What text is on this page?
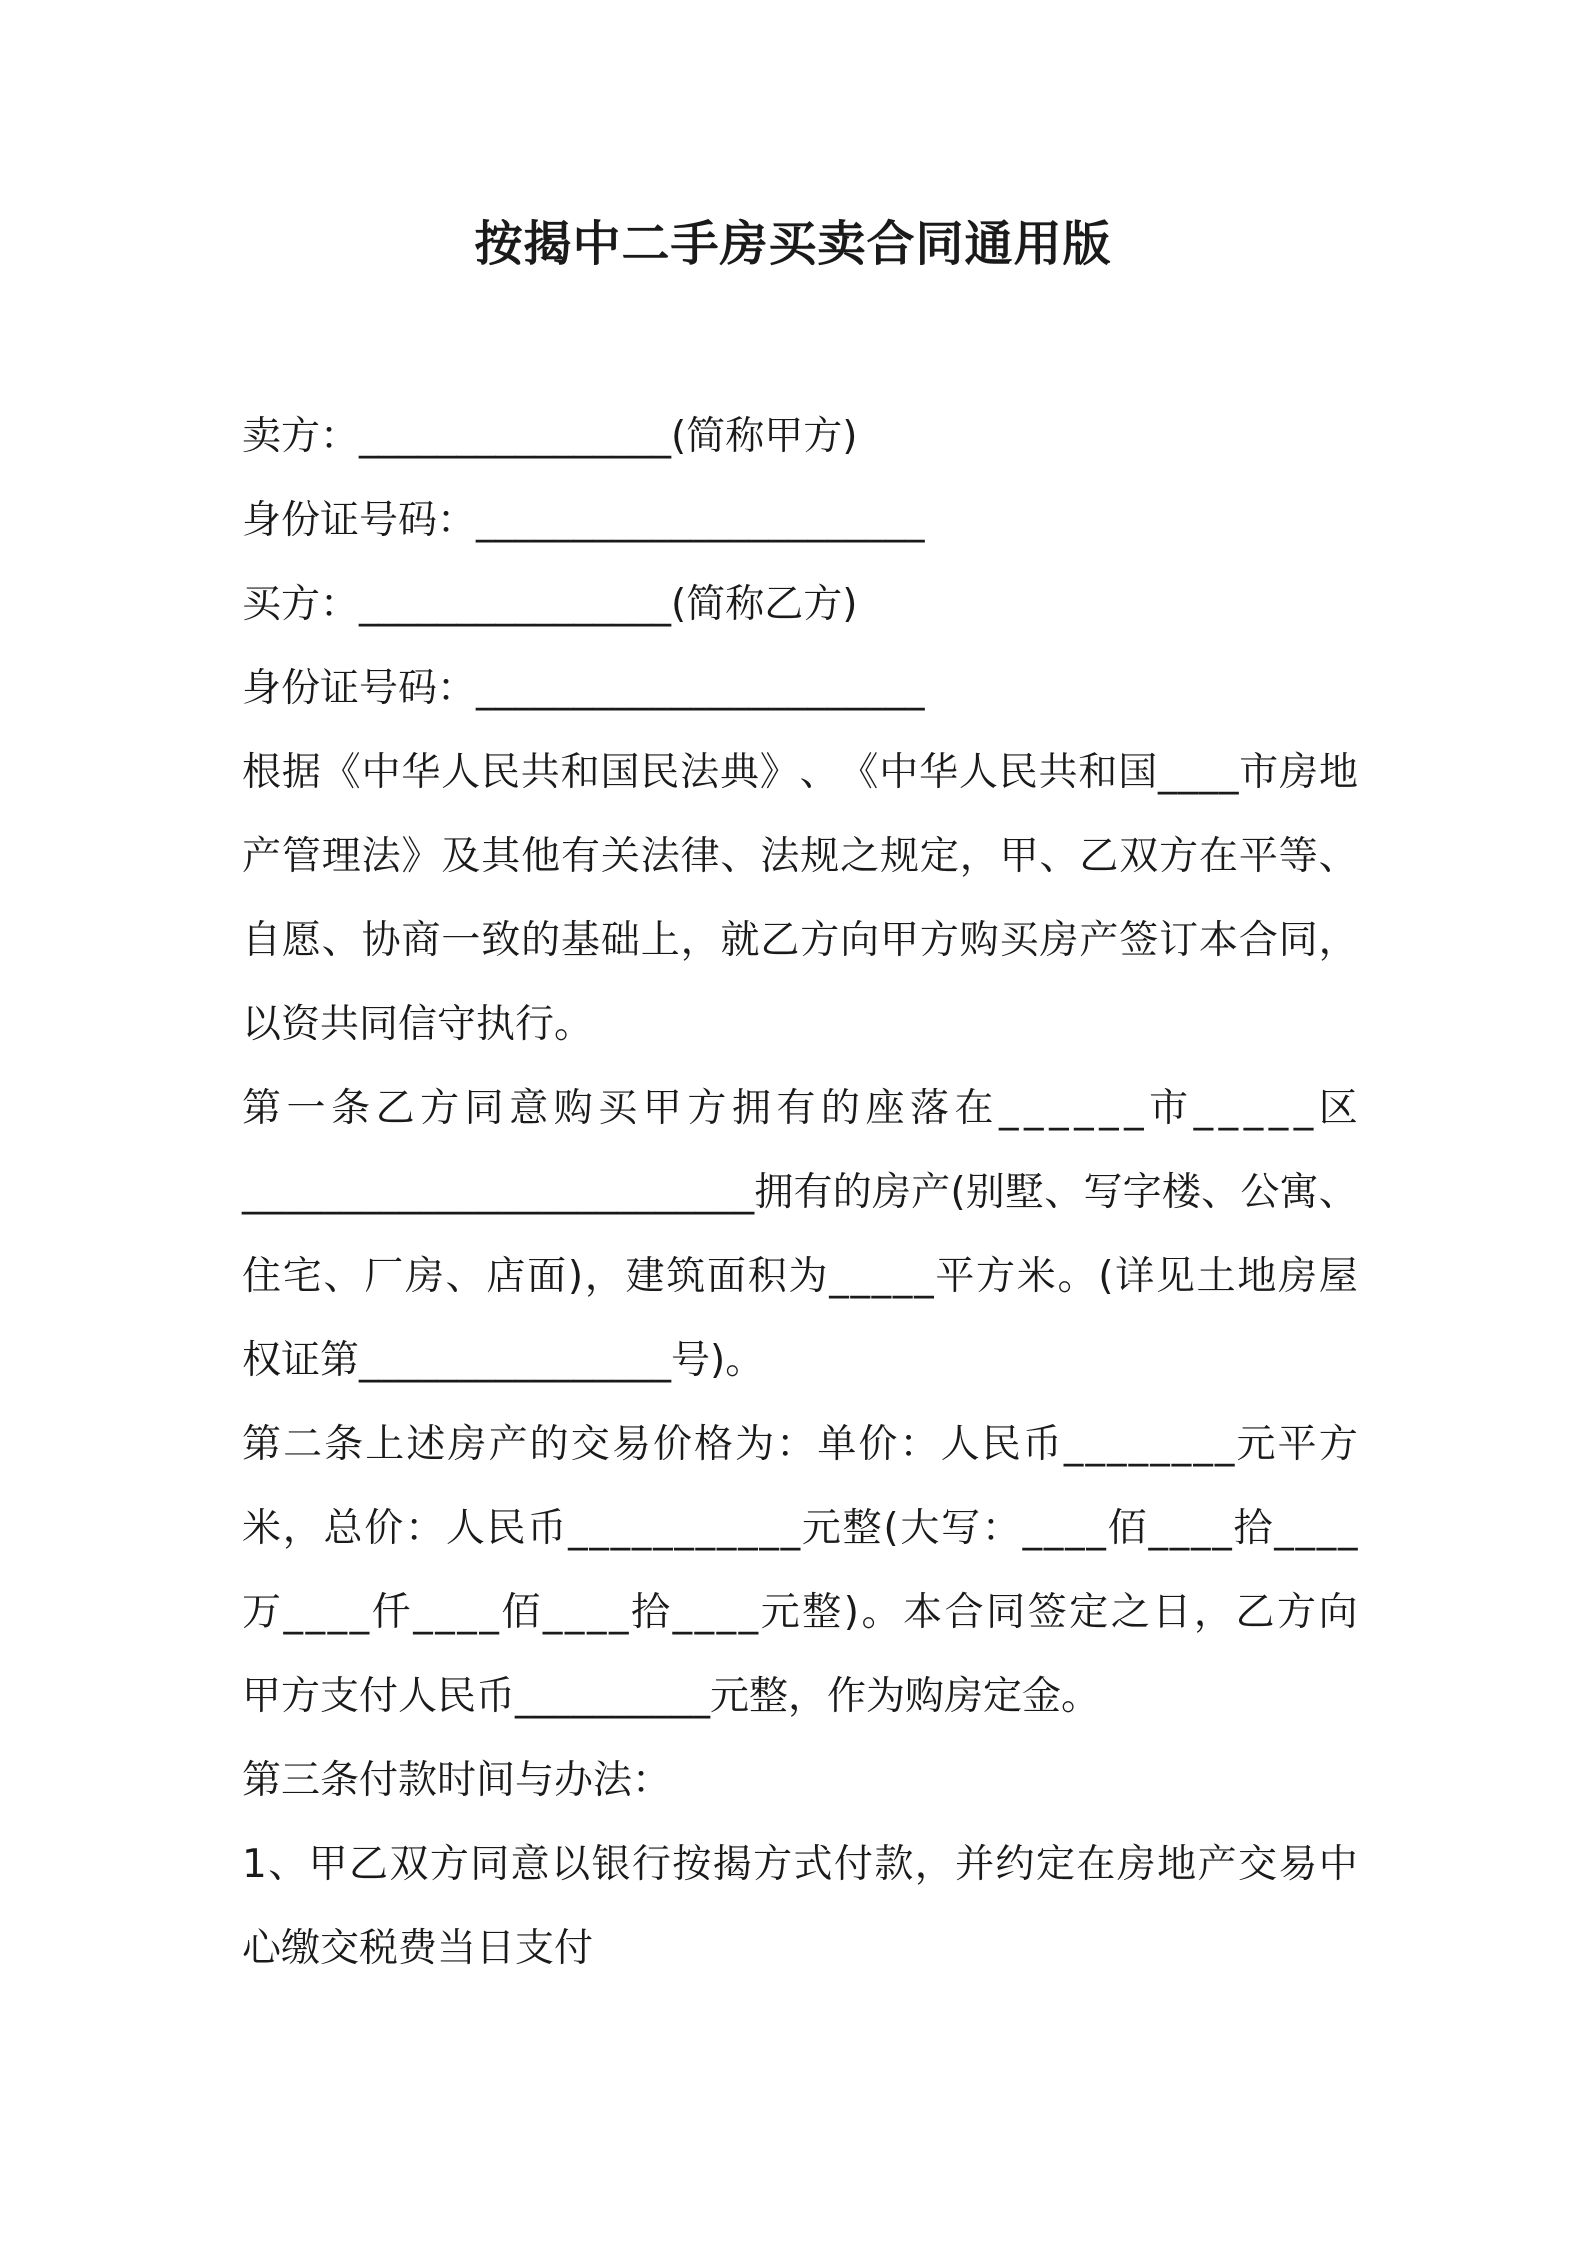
按揭中二手房买卖合同通用版
卖方：________________(简称甲方)
身份证号码：_______________________
买方：________________(简称乙方)
身份证号码：_______________________
根 据 《 中 华 人 民 共 和 国 民 法 典 》 、 《 中 华 人 民 共 和 国 _ _ _ _ 市 房 地
产 管 理 法 》 及 其 他 有 关 法 律 、 法 规 之 规 定 ， 甲 、 乙 双 方 在 平 等 、
自 愿 、 协 商 一 致 的 基 础 上 ， 就 乙 方 向 甲 方 购 买 房 产 签 订 本 合 同 ，
以资共同信守执行。
第 一 条 乙 方 同 意 购 买 甲 方 拥 有 的 座 落 在 _ _ _ _ _ _ 市 _ _ _ _ _ 区
_ _ _ _ _ _ _ _ _ _ _ _ _ _ _ _ _ _ _ _ _ _ _ _ _ _ 拥 有 的 房 产 ( 别 墅 、 写 字 楼 、 公 寓 、
住 宅 、 厂 房 、 店 面 ) ， 建 筑 面 积 为 _ _ _ _ _ 平 方 米 。 ( 详 见 土 地 房 屋
权证第________________号)。
第 二 条 上 述 房 产 的 交 易 价 格 为 ： 单 价 ： 人 民 币 _ _ _ _ _ _ _ _ 元 平 方
米 ， 总 价 ： 人 民 币 _ _ _ _ _ _ _ _ _ _ _ 元 整 ( 大 写 ： _ _ _ _ 佰 _ _ _ _ 拾 _ _ _ _
万 _ _ _ _ 仟 _ _ _ _ 佰 _ _ _ _ 拾 _ _ _ _ 元 整 ) 。 本 合 同 签 定 之 日 ， 乙 方 向
甲方支付人民币__________元整，作为购房定金。
第三条付款时间与办法：
1 、 甲 乙 双 方 同 意 以 银 行 按 揭 方 式 付 款 ， 并 约 定 在 房 地 产 交 易 中
心缴交税费当日支付
